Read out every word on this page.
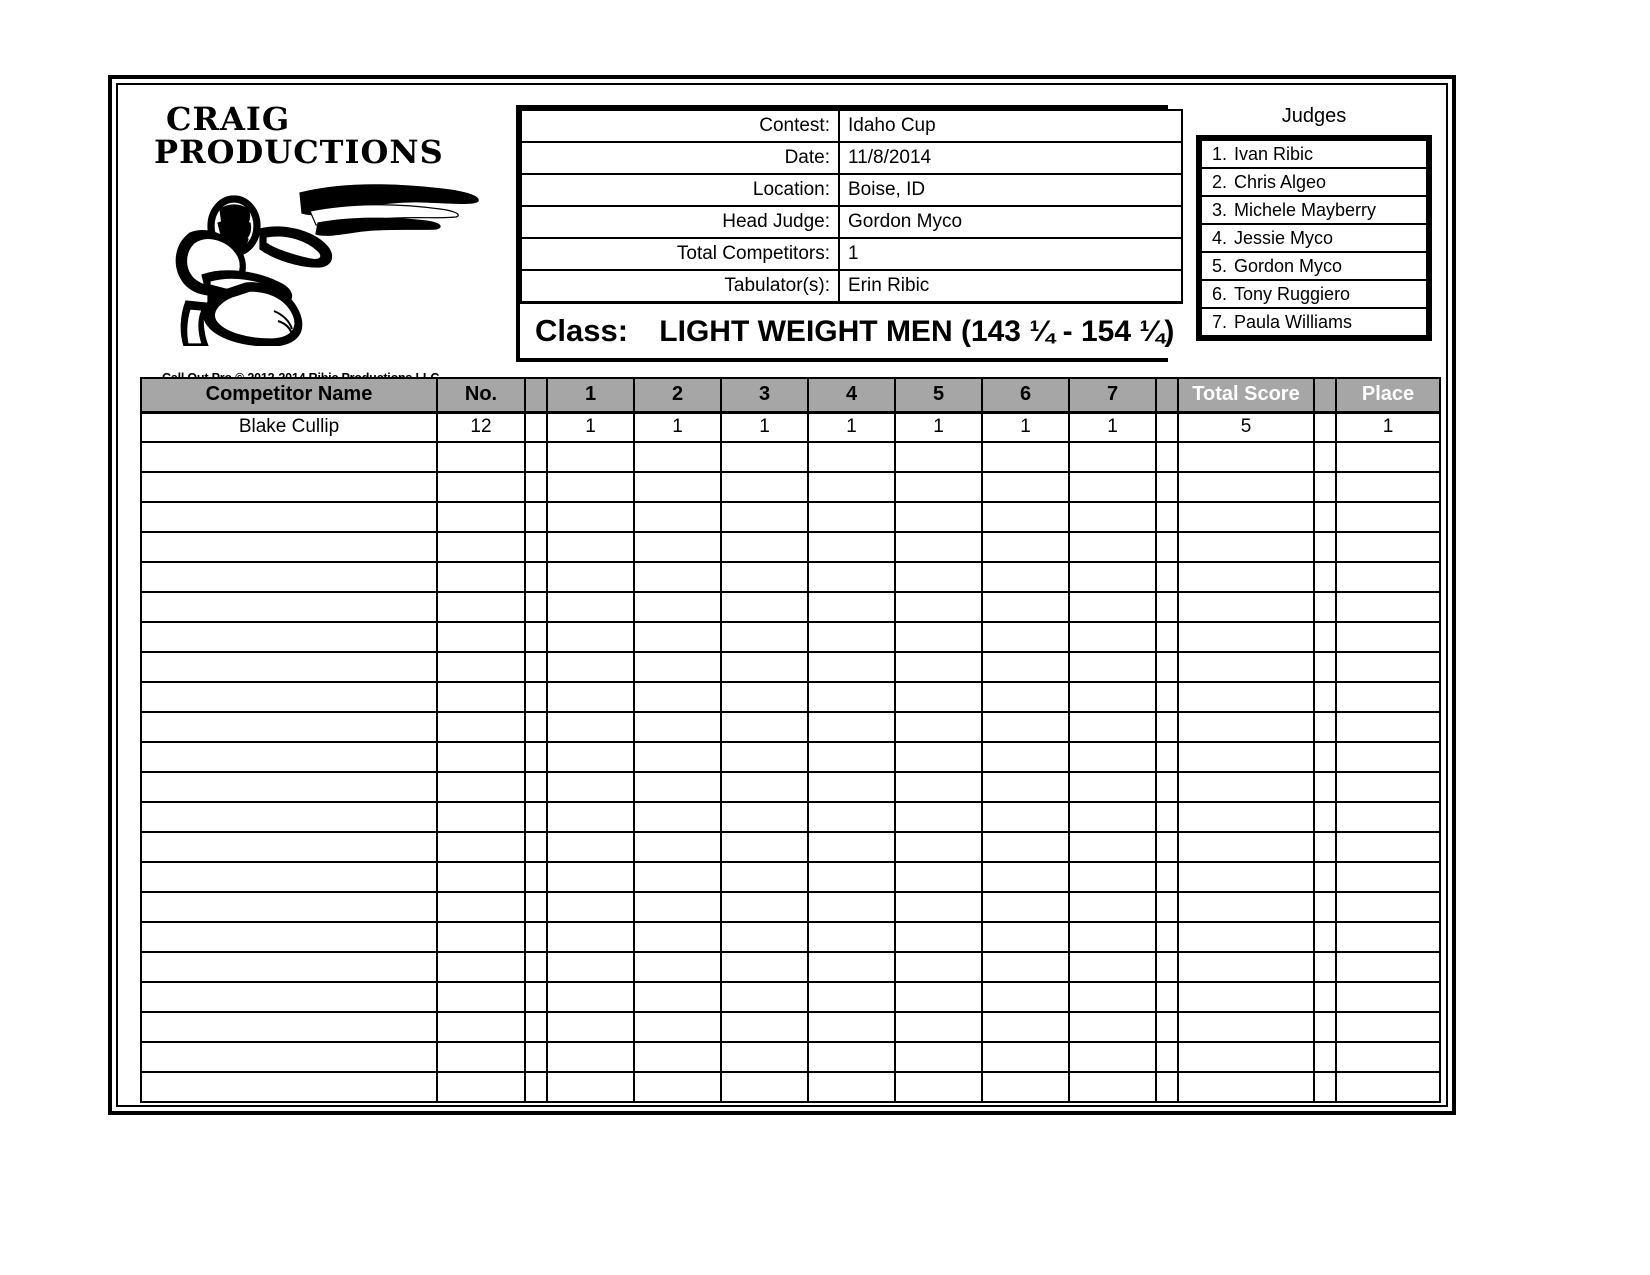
CRAIG
PRODUCTIONS
Contest:	Idaho Cup
Date:	11/8/2014
Location:	Boise, ID
Head Judge:	Gordon Myco
Total Competitors:	1
Tabulator(s):	Erin Ribic
Class: LIGHT WEIGHT MEN (143 ¼ - 154 ¼)	
Judges
1. Ivan Ribic
2. Chris Algeo
3. Michele Mayberry
4. Jessie Myco
5. Gordon Myco
6. Tony Ruggiero
7. Paula Williams
Competitor Name	No.		1	2	3	4	5	6	7		Total Score		Place
Blake Cullip	12		1	1	1	1	1	1	1		5		1
